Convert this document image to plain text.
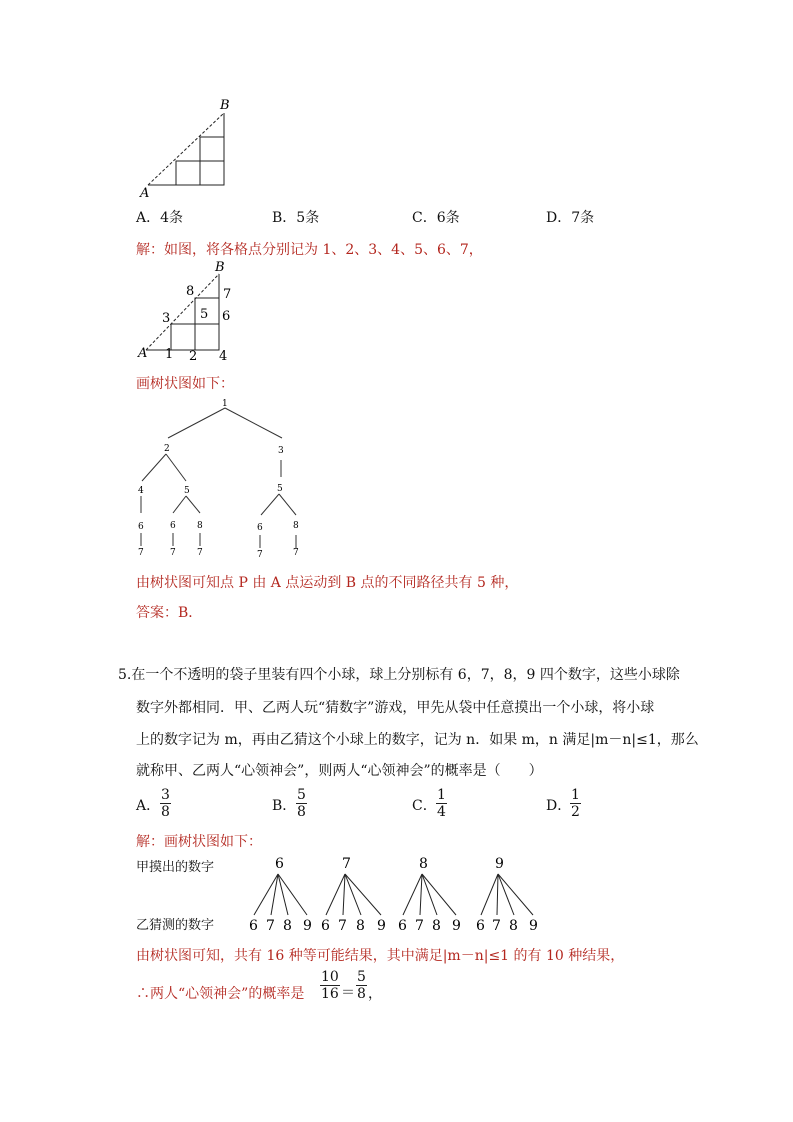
A
B
A．4条	B．5条	C．6条	D．7条
解：如图，将各格点分别记为 1、2、3、4、5、6、7，
A
B
1 2
3
4
5 6
7
8
画树状图如下：
1
2	3
4	5	5
6	6 8	6	8
7	7 7	7	7
由树状图可知点 P 由 A 点运动到 B 点的不同路径共有 5 种，
答案：B．
5.在一个不透明的袋子里装有四个小球，球上分别标有 6，7，8，9 四个数字，这些小球除
数字外都相同．甲、乙两人玩“猜数字”游戏，甲先从袋中任意摸出一个小球，将小球
上的数字记为 m，再由乙猜这个小球上的数字，记为 n．如果 m，n 满足|m－n|≤1，那么
就称甲、乙两人“心领神会”，则两人“心领神会”的概率是（　　）
A． $\frac{3}{8}$	B． $\frac{5}{8}$	C． $\frac{1}{4}$	D．
$\frac{1}{2}$
解：画树状图如下：
甲摸出的数字
乙猜测的数字
6	7	8	9
6 7 8 9 6 7 8 9 6 7 8 9 6 7 8 9
由树状图可知，共有 16 种等可能结果，其中满足|m－n|≤1 的有 10 种结果，
∴两人“心领神会”的概率是 $\frac{10}{16} = \frac{5}{8}$ ，
